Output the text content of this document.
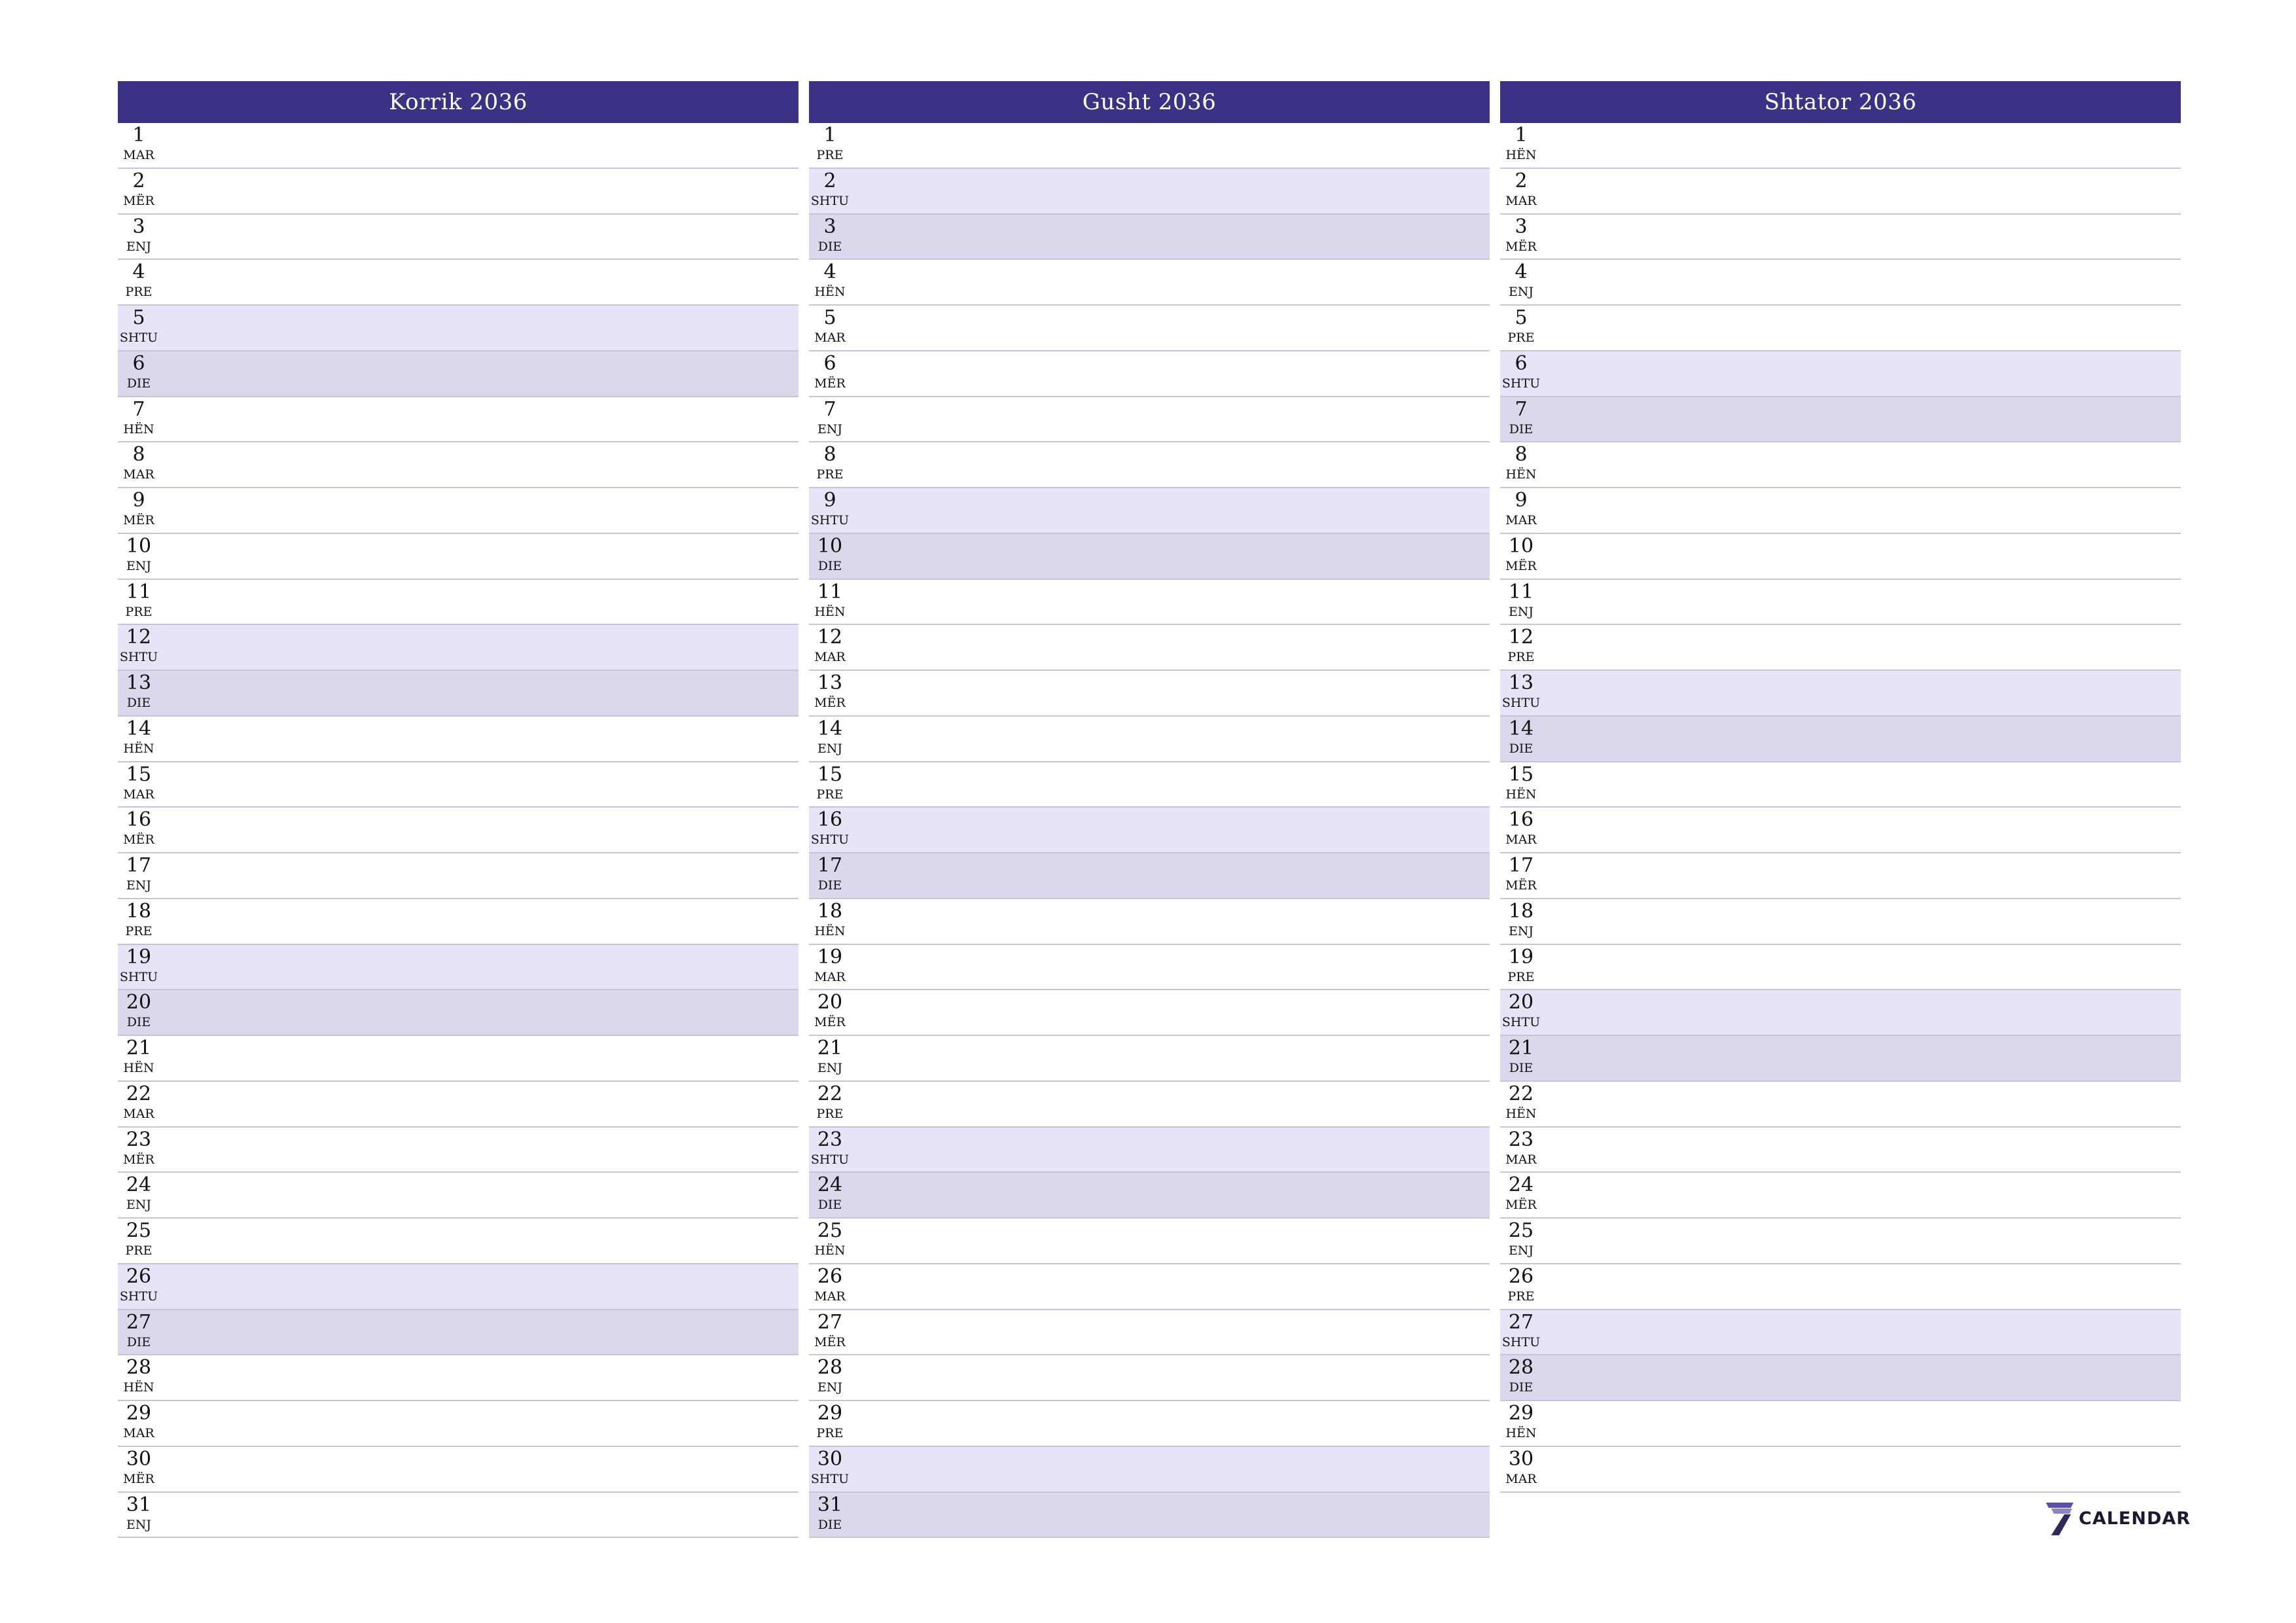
Korrik 2036
1
MAR
2
MËR
3
ENJ
4
PRE
5
SHTU
6
DIE
7
HËN
8
MAR
9
MËR
10
ENJ
11
PRE
12
SHTU
13
DIE
14
HËN
15
MAR
16
MËR
17
ENJ
18
PRE
19
SHTU
20
DIE
21
HËN
22
MAR
23
MËR
24
ENJ
25
PRE
26
SHTU
27
DIE
28
HËN
29
MAR
30
MËR
31
ENJ
Gusht 2036
1
PRE
2
SHTU
3
DIE
4
HËN
5
MAR
6
MËR
7
ENJ
8
PRE
9
SHTU
10
DIE
11
HËN
12
MAR
13
MËR
14
ENJ
15
PRE
16
SHTU
17
DIE
18
HËN
19
MAR
20
MËR
21
ENJ
22
PRE
23
SHTU
24
DIE
25
HËN
26
MAR
27
MËR
28
ENJ
29
PRE
30
SHTU
31
DIE
Shtator 2036
1
HËN
2
MAR
3
MËR
4
ENJ
5
PRE
6
SHTU
7
DIE
8
HËN
9
MAR
10
MËR
11
ENJ
12
PRE
13
SHTU
14
DIE
15
HËN
16
MAR
17
MËR
18
ENJ
19
PRE
20
SHTU
21
DIE
22
HËN
23
MAR
24
MËR
25
ENJ
26
PRE
27
SHTU
28
DIE
29
HËN
30
MAR
CALENDAR
